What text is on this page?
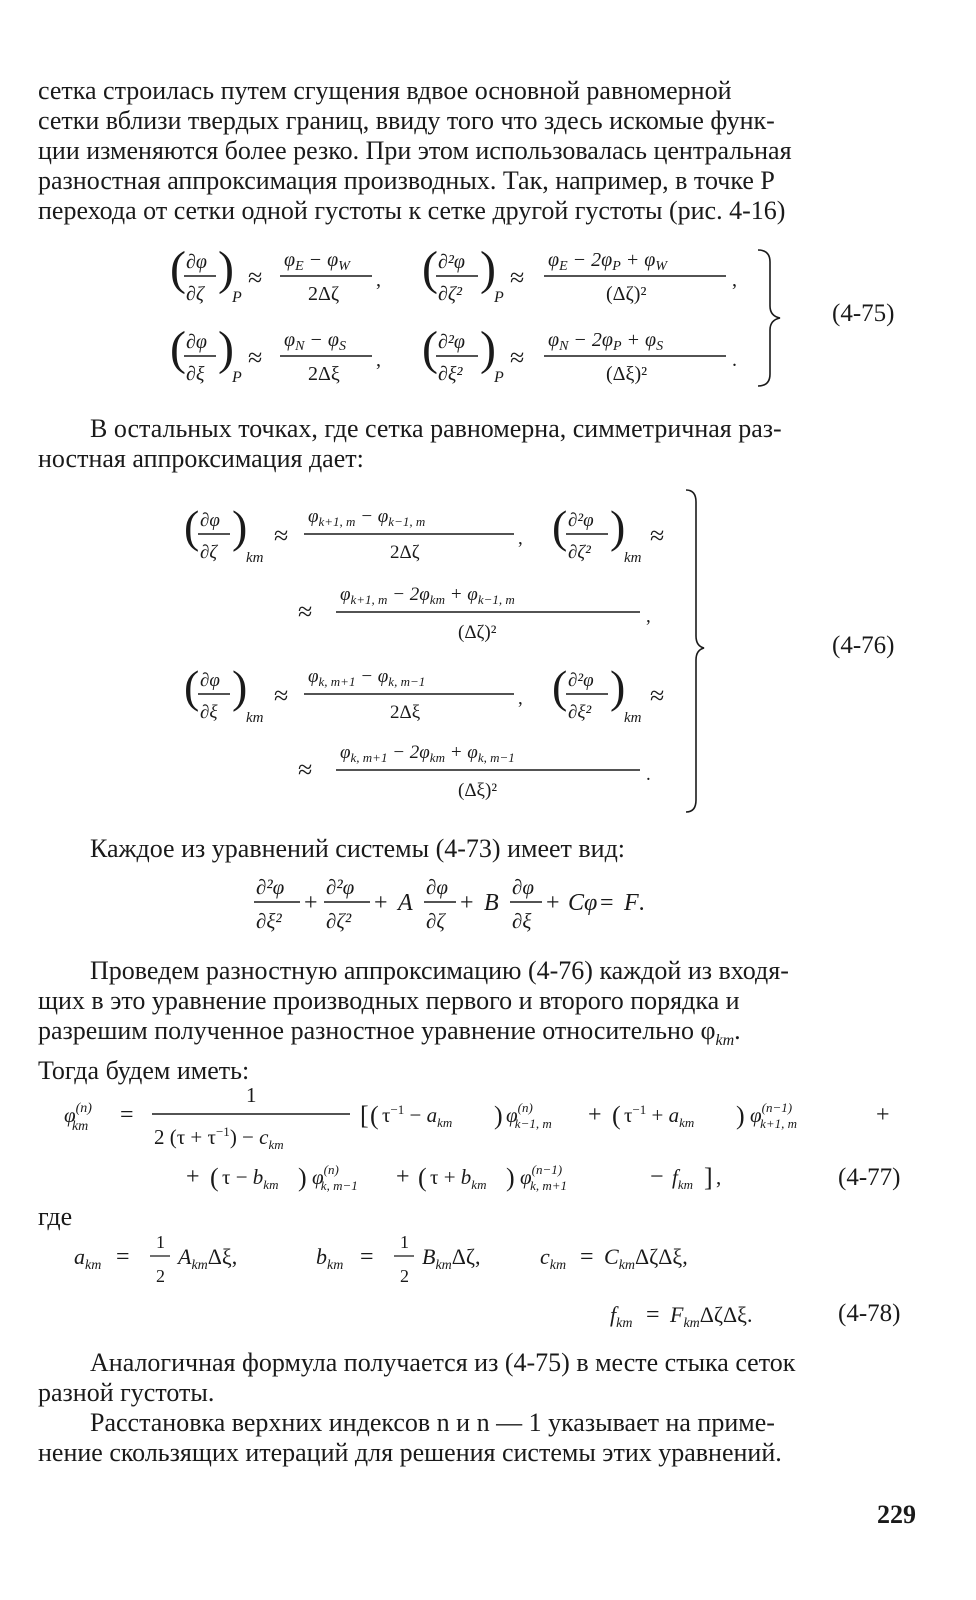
сетка строилась путем сгущения вдвое основной равномерной
сетки вблизи твердых границ, ввиду того что здесь искомые функ-
ции изменяются более резко. При этом использовалась центральная
разностная аппроксимация производных. Так, например, в точке P
перехода от сетки одной густоты к сетке другой густоты (рис. 4-16)

( ∂φ
∂ζ )
P
≈
$\varphi_E - \varphi_W$
2Δζ
, ( ∂²φ
∂ζ² )
P
≈
$\varphi_E - 2\varphi_P + \varphi_W$
(Δζ)²
,
( ∂φ
∂ξ )
P
≈
$\varphi_N - \varphi_S$
2Δξ
, ( ∂²φ
∂ξ² )
P
≈
$\varphi_N - 2\varphi_P + \varphi_S$
(Δξ)²
.
(4-75)

В остальных точках, где сетка равномерна, симметричная раз-
ностная аппроксимация дает:

( ∂φ
∂ζ
)
km
≈
$\varphi_{k+1, m} - \varphi_{k-1, m}$
2Δζ
, ( ∂²φ
∂ζ²
)
km
≈
≈
$\varphi_{k+1, m} - 2\varphi_{km} + \varphi_{k-1, m}$
(Δζ)²
,
( ∂φ
∂ξ
)
km
≈
$\varphi_{k, m+1} - \varphi_{k, m-1}$
2Δξ
, ( ∂²φ
∂ξ²
)
km
≈
≈
$\varphi_{k, m+1} - 2\varphi_{km} + \varphi_{k, m-1}$
(Δξ)²
.
(4-76)

Каждое из уравнений системы (4-73) имеет вид:

∂²φ
∂ξ²
+
∂²φ
∂ζ²
+ A
∂φ
∂ζ
+ B
∂φ
∂ξ
+ Cφ = F.

Проведем разностную аппроксимацию (4-76) каждой из входя-
щих в это уравнение производных первого и второго порядка и
разрешим полученное разностное уравнение относительно $\varphi_{km}$.
Тогда будем иметь:

$\varphi^{(n)}$ km =
1
2 $(\tau + \tau^{-1}) - c_{km}$
[ ( $\tau^{-1} - a_{km}$ ) $\varphi^{(n)}$ k−1, m + ( $\tau^{-1} + a_{km}$ ) $\varphi^{(n-1)}$ k+1, m	+
+ ( $\tau - b_{km}$ ) $\varphi^{(n)}$ k, m−1 + ( $\tau + b_{km}$ ) $\varphi^{(n-1)}$ k, m+1	− $f_{km}$ ] ,	(4-77)

где

$a_{km}$ =
1
2
$A_{km}\Delta\xi$,	$b_{km}$ =
1
2
$B_{km}\Delta\zeta$,	$c_{km} = C_{km}\Delta\zeta\Delta\xi$,
$f_{km} = F_{km}\Delta\zeta\Delta\xi$.	(4-78)

Аналогичная формула получается из (4-75) в месте стыка сеток
разной густоты.

Расстановка верхних индексов n и n — 1 указывает на приме-
нение скользящих итераций для решения системы этих уравнений.

229
